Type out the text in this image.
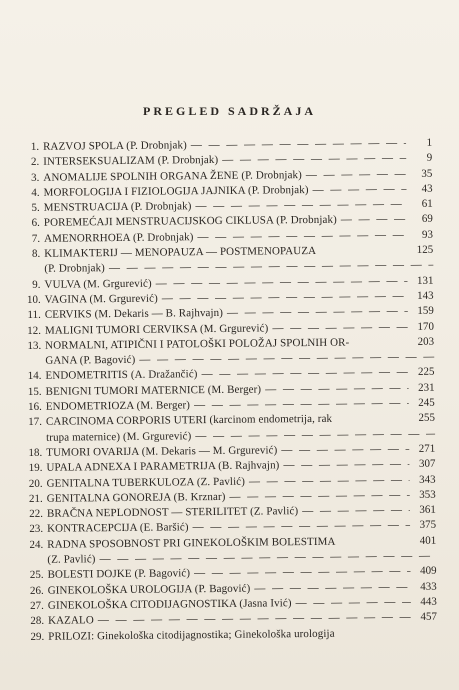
PREGLED SADRŽAJA
1. RAZVOJ SPOLA (P. Drobnjak) — — —	1
2. INTERSEKSUALIZAM (P. Drobnjak) — — —	9
3. ANOMALIJE SPOLNIH ORGANA ŽENE (P. Drobnjak) — — —	35
4. MORFOLOGIJA I FIZIOLOGIJA JAJNIKA (P. Drobnjak) — — —	43
5. MENSTRUACIJA (P. Drobnjak) — — —	61
6. POREMEĆAJI MENSTRUACIJSKOG CIKLUSA (P. Drobnjak) — — —	69
7. AMENORRHOEA (P. Drobnjak) — — —	93
8. KLIMAKTERIJ — MENOPAUZA — POSTMENOPAUZA	125
(P. Drobnjak)
— — —
9. VULVA (M. Grgurević) — — —	131
10. VAGINA (M. Grgurević) — — —	143
11. CERVIKS (M. Dekaris — B. Rajhvajn) — — —	159
12. MALIGNI TUMORI CERVIKSA (M. Grgurević) — — —	170
13. NORMALNI, ATIPIČNI I PATOLOŠKI POLOŽAJ SPOLNIH OR-	203
GANA (P. Bagović)
— — —
14. ENDOMETRITIS (A. Dražančić) — — —	225
15. BENIGNI TUMORI MATERNICE (M. Berger) — — —	231
16. ENDOMETRIOZA (M. Berger) — — —	245
17. CARCINOMA CORPORIS UTERI (karcinom endometrija, rak	255
trupa maternice) (M. Grgurević)
— — —
18. TUMORI OVARIJA (M. Dekaris — M. Grgurević) — — —	271
19. UPALA ADNEXA I PARAMETRIJA (B. Rajhvajn) — — —	307
20. GENITALNA TUBERKULOZA (Z. Pavlić) — — —	343
21. GENITALNA GONOREJA (B. Krznar) — — —	353
22. BRAČNA NEPLODNOST — STERILITET (Z. Pavlić) — — —	361
23. KONTRACEPCIJA (E. Baršić) — — —	375
24. RADNA SPOSOBNOST PRI GINEKOLOŠKIM BOLESTIMA	401
(Z. Pavlić)
— — —
25. BOLESTI DOJKE (P. Bagović) — — —	409
26. GINEKOLOŠKA UROLOGIJA (P. Bagović) — — —	433
27. GINEKOLOŠKA CITODIJAGNOSTIKA (Jasna Ivić) — — —	443
28. KAZALO — — —	457
29. PRILOZI: Ginekološka citodijagnostika; Ginekološka urologija
